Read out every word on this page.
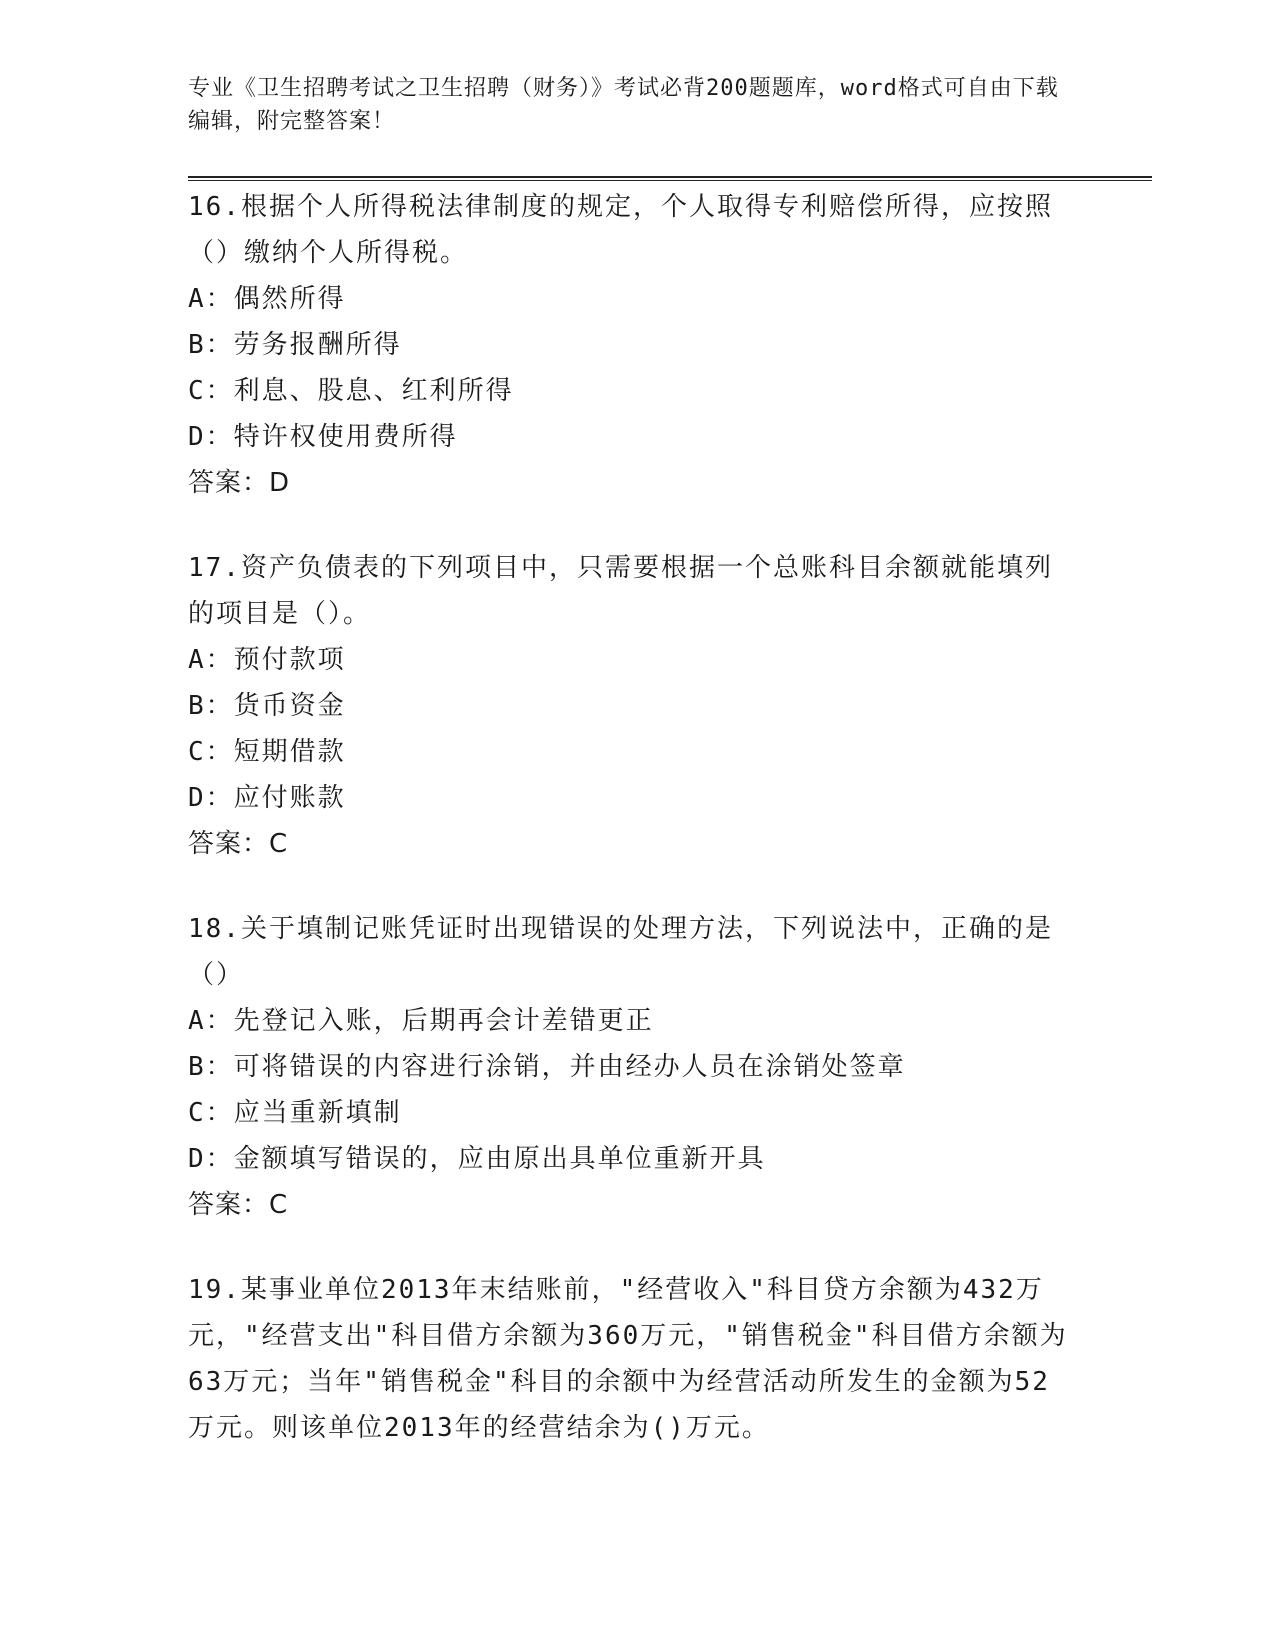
专业《卫生招聘考试之卫生招聘（财务）》考试必背200题题库，word格式可自由下载编辑，附完整答案！
16.根据个人所得税法律制度的规定，个人取得专利赔偿所得，应按照（）缴纳个人所得税。
A：偶然所得
B：劳务报酬所得
C：利息、股息、红利所得
D：特许权使用费所得
答案：D
17.资产负债表的下列项目中，只需要根据一个总账科目余额就能填列的项目是（）。
A：预付款项
B：货币资金
C：短期借款
D：应付账款
答案：C
18.关于填制记账凭证时出现错误的处理方法，下列说法中，正确的是（）
A：先登记入账，后期再会计差错更正
B：可将错误的内容进行涂销，并由经办人员在涂销处签章
C：应当重新填制
D：金额填写错误的，应由原出具单位重新开具
答案：C
19.某事业单位2013年末结账前，"经营收入"科目贷方余额为432万元，"经营支出"科目借方余额为360万元，"销售税金"科目借方余额为63万元；当年"销售税金"科目的余额中为经营活动所发生的金额为52万元。则该单位2013年的经营结余为()万元。
